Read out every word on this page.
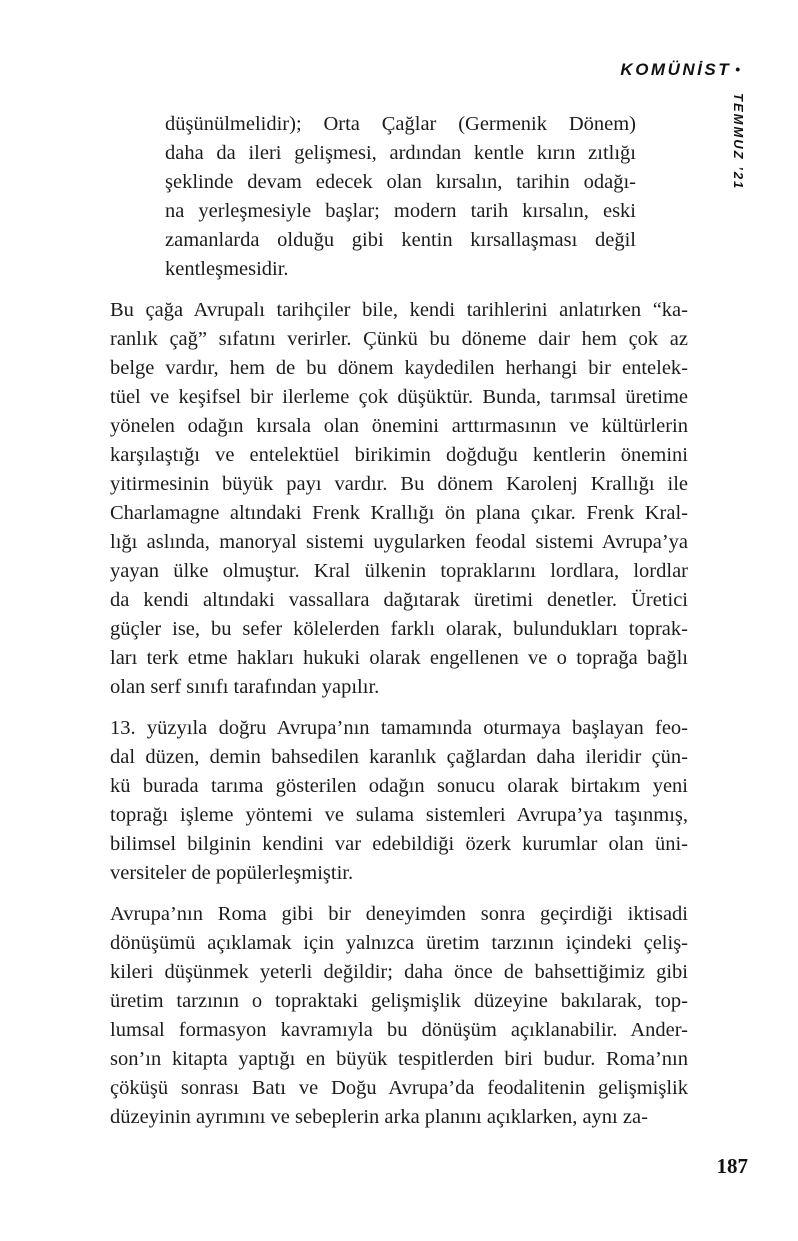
KOMÜNİST •
TEMMUZ ’21
düşünülmelidir); Orta Çağlar (Germenik Dönem)
daha da ileri gelişmesi, ardından kentle kırın zıtlığı
şeklinde devam edecek olan kırsalın, tarihin odağı-
na yerleşmesiyle başlar; modern tarih kırsalın, eski
zamanlarda olduğu gibi kentin kırsallaşması değil
kentleşmesidir.
Bu çağa Avrupalı tarihçiler bile, kendi tarihlerini anlatırken “ka-
ranlık çağ” sıfatını verirler. Çünkü bu döneme dair hem çok az
belge vardır, hem de bu dönem kaydedilen herhangi bir entelek-
tüel ve keşifsel bir ilerleme çok düşüktür. Bunda, tarımsal üretime
yönelen odağın kırsala olan önemini arttırmasının ve kültürlerin
karşılaştığı ve entelektüel birikimin doğduğu kentlerin önemini
yitirmesinin büyük payı vardır. Bu dönem Karolenj Krallığı ile
Charlamagne altındaki Frenk Krallığı ön plana çıkar. Frenk Kral-
lığı aslında, manoryal sistemi uygularken feodal sistemi Avrupa’ya
yayan ülke olmuştur. Kral ülkenin topraklarını lordlara, lordlar
da kendi altındaki vassallara dağıtarak üretimi denetler. Üretici
güçler ise, bu sefer kölelerden farklı olarak, bulundukları toprak-
ları terk etme hakları hukuki olarak engellenen ve o toprağa bağlı
olan serf sınıfı tarafından yapılır.
13. yüzyıla doğru Avrupa’nın tamamında oturmaya başlayan feo-
dal düzen, demin bahsedilen karanlık çağlardan daha ileridir çün-
kü burada tarıma gösterilen odağın sonucu olarak birtakım yeni
toprağı işleme yöntemi ve sulama sistemleri Avrupa’ya taşınmış,
bilimsel bilginin kendini var edebildiği özerk kurumlar olan üni-
versiteler de popülerleşmiştir.
Avrupa’nın Roma gibi bir deneyimden sonra geçirdiği iktisadi
dönüşümü açıklamak için yalnızca üretim tarzının içindeki çeliş-
kileri düşünmek yeterli değildir; daha önce de bahsettiğimiz gibi
üretim tarzının o topraktaki gelişmişlik düzeyine bakılarak, top-
lumsal formasyon kavramıyla bu dönüşüm açıklanabilir. Ander-
son’ın kitapta yaptığı en büyük tespitlerden biri budur. Roma’nın
çöküşü sonrası Batı ve Doğu Avrupa’da feodalitenin gelişmişlik
düzeyinin ayrımını ve sebeplerin arka planını açıklarken, aynı za-
187
